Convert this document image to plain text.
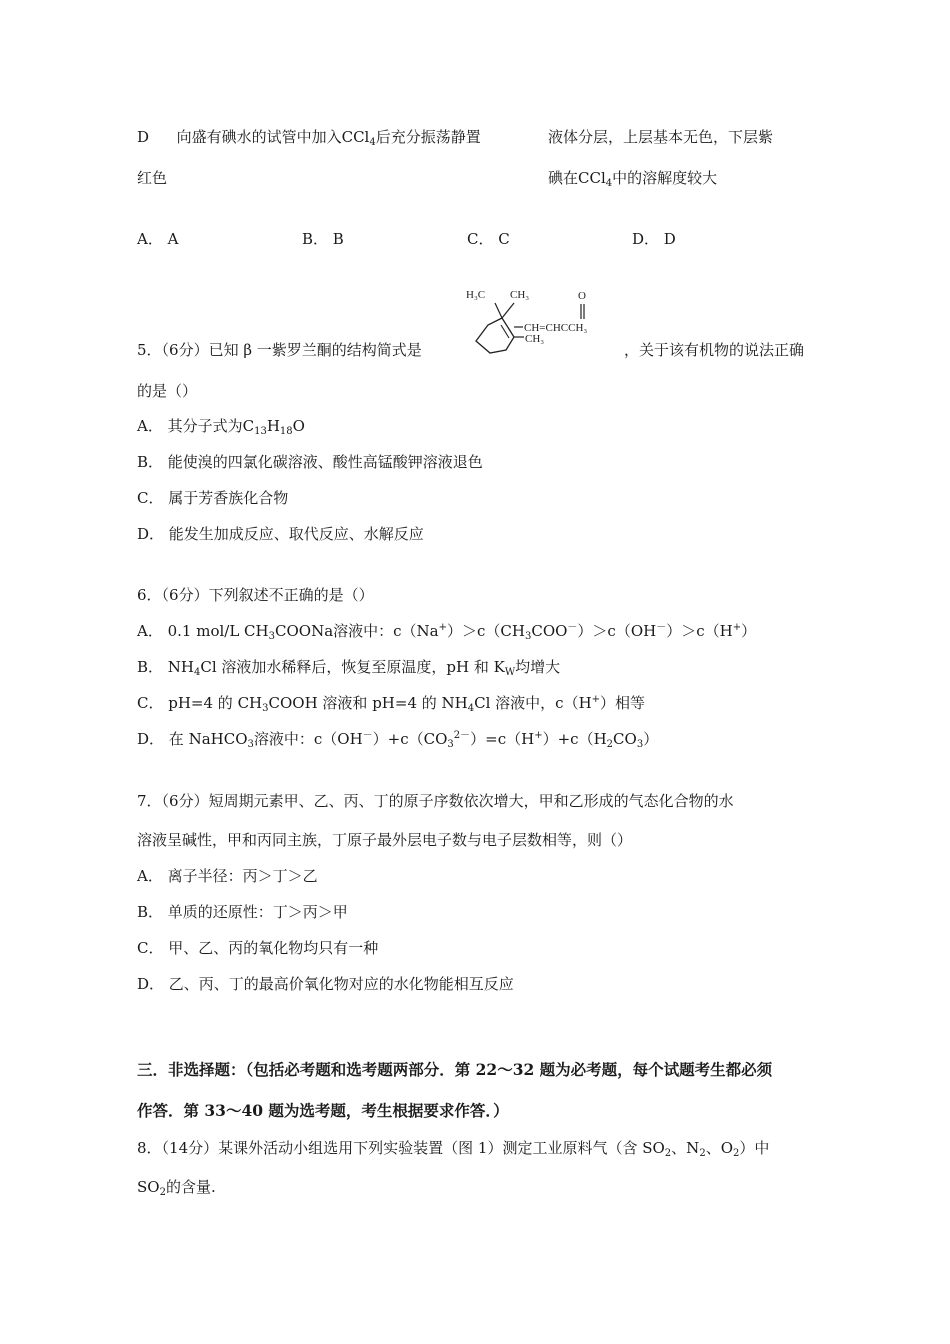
D 向盛有碘水的试管中加入CCl$_4$后充分振荡静置	液体分层，上层基本无色，下层紫
红色	碘在CCl$_4$中的溶解度较大
A． A	B． B	C． C	D． D
H₃C CH₃	O
CH=CHCCH₃
CH₃
5．（6分）已知 β 一紫罗兰酮的结构简式是	，关于该有机物的说法正确
的是（）
A． 其分子式为$C_{13}H_{18}O$
B． 能使溴的四氯化碳溶液、酸性高锰酸钾溶液退色
C． 属于芳香族化合物
D． 能发生加成反应、取代反应、水解反应
6．（6分）下列叙述不正确的是（）
A． 0.1 mol/L $CH_3COONa$溶液中：$c(Na^+)>c(CH_3COO^-)>c(OH^-)>c(H^+)$
B． $NH_4Cl$ 溶液加水稀释后，恢复至原温度，pH 和 $K_W$均增大
C． pH=4 的 $CH_3COOH$ 溶液和 pH=4 的 $NH_4Cl$ 溶液中，c（H+）相等
D． 在 NaHCO$_3$溶液中：$c(OH^-)+c(CO_3^{2-})=c(H^+)+c(H_2CO_3)$
7．（6分）短周期元素甲、乙、丙、丁的原子序数依次增大，甲和乙形成的气态化合物的水
溶液呈碱性，甲和丙同主族，丁原子最外层电子数与电子层数相等，则（）
A． 离子半径：丙＞丁＞乙
B． 单质的还原性：丁＞丙＞甲
C． 甲、乙、丙的氧化物均只有一种
D． 乙、丙、丁的最高价氧化物对应的水化物能相互反应
三．非选择题：（包括必考题和选考题两部分．第 22～32 题为必考题，每个试题考生都必须
作答．第 33～40 题为选考题，考生根据要求作答．）
8．（14分）某课外活动小组选用下列实验装置（图 1）测定工业原料气（含 $SO_2$、$N_2$、$O_2$）中
$SO_2$的含量.
